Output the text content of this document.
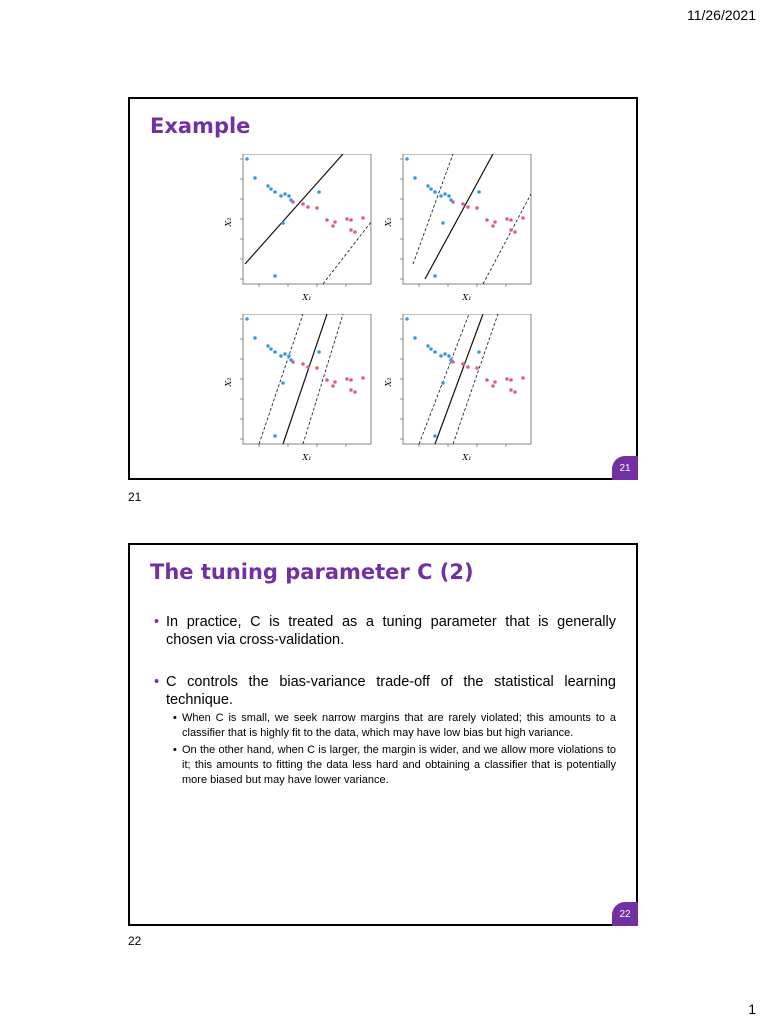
11/26/2021
Example
X₁
X₂
X₁
X₂
X₁
X₂
X₁
X₂
21
21
The tuning parameter C (2)
• In practice, C is treated as a tuning parameter that is generally chosen via cross-validation.
• C controls the bias-variance trade-off of the statistical learning technique.
• When C is small, we seek narrow margins that are rarely violated; this amounts to a classifier that is highly fit to the data, which may have low bias but high variance.
• On the other hand, when C is larger, the margin is wider, and we allow more violations to it; this amounts to fitting the data less hard and obtaining a classifier that is potentially more biased but may have lower variance.
22
22
1
